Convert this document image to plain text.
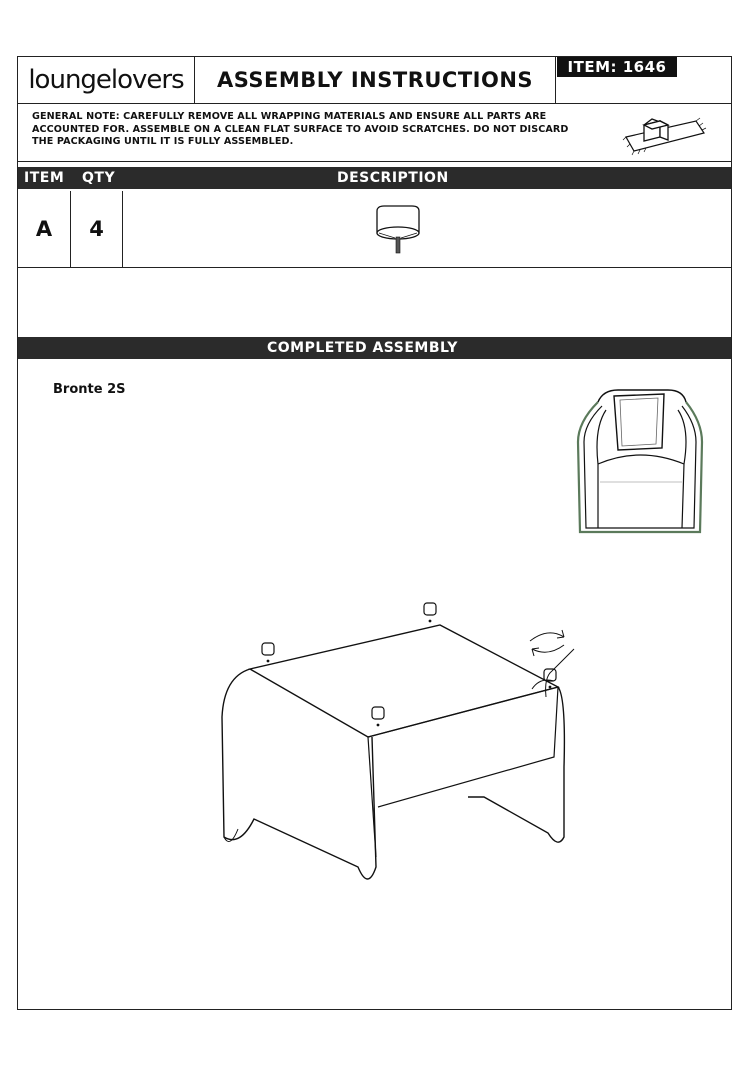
loungelovers	ASSEMBLY INSTRUCTIONS
ITEM: 1646
GENERAL NOTE: CAREFULLY REMOVE ALL WRAPPING MATERIALS AND ENSURE ALL PARTS ARE ACCOUNTED FOR. ASSEMBLE ON A CLEAN FLAT SURFACE TO AVOID SCRATCHES. DO NOT DISCARD THE PACKAGING UNTIL IT IS FULLY ASSEMBLED.
ITEM QTY	DESCRIPTION
A	4
COMPLETED ASSEMBLY
Bronte 2S
